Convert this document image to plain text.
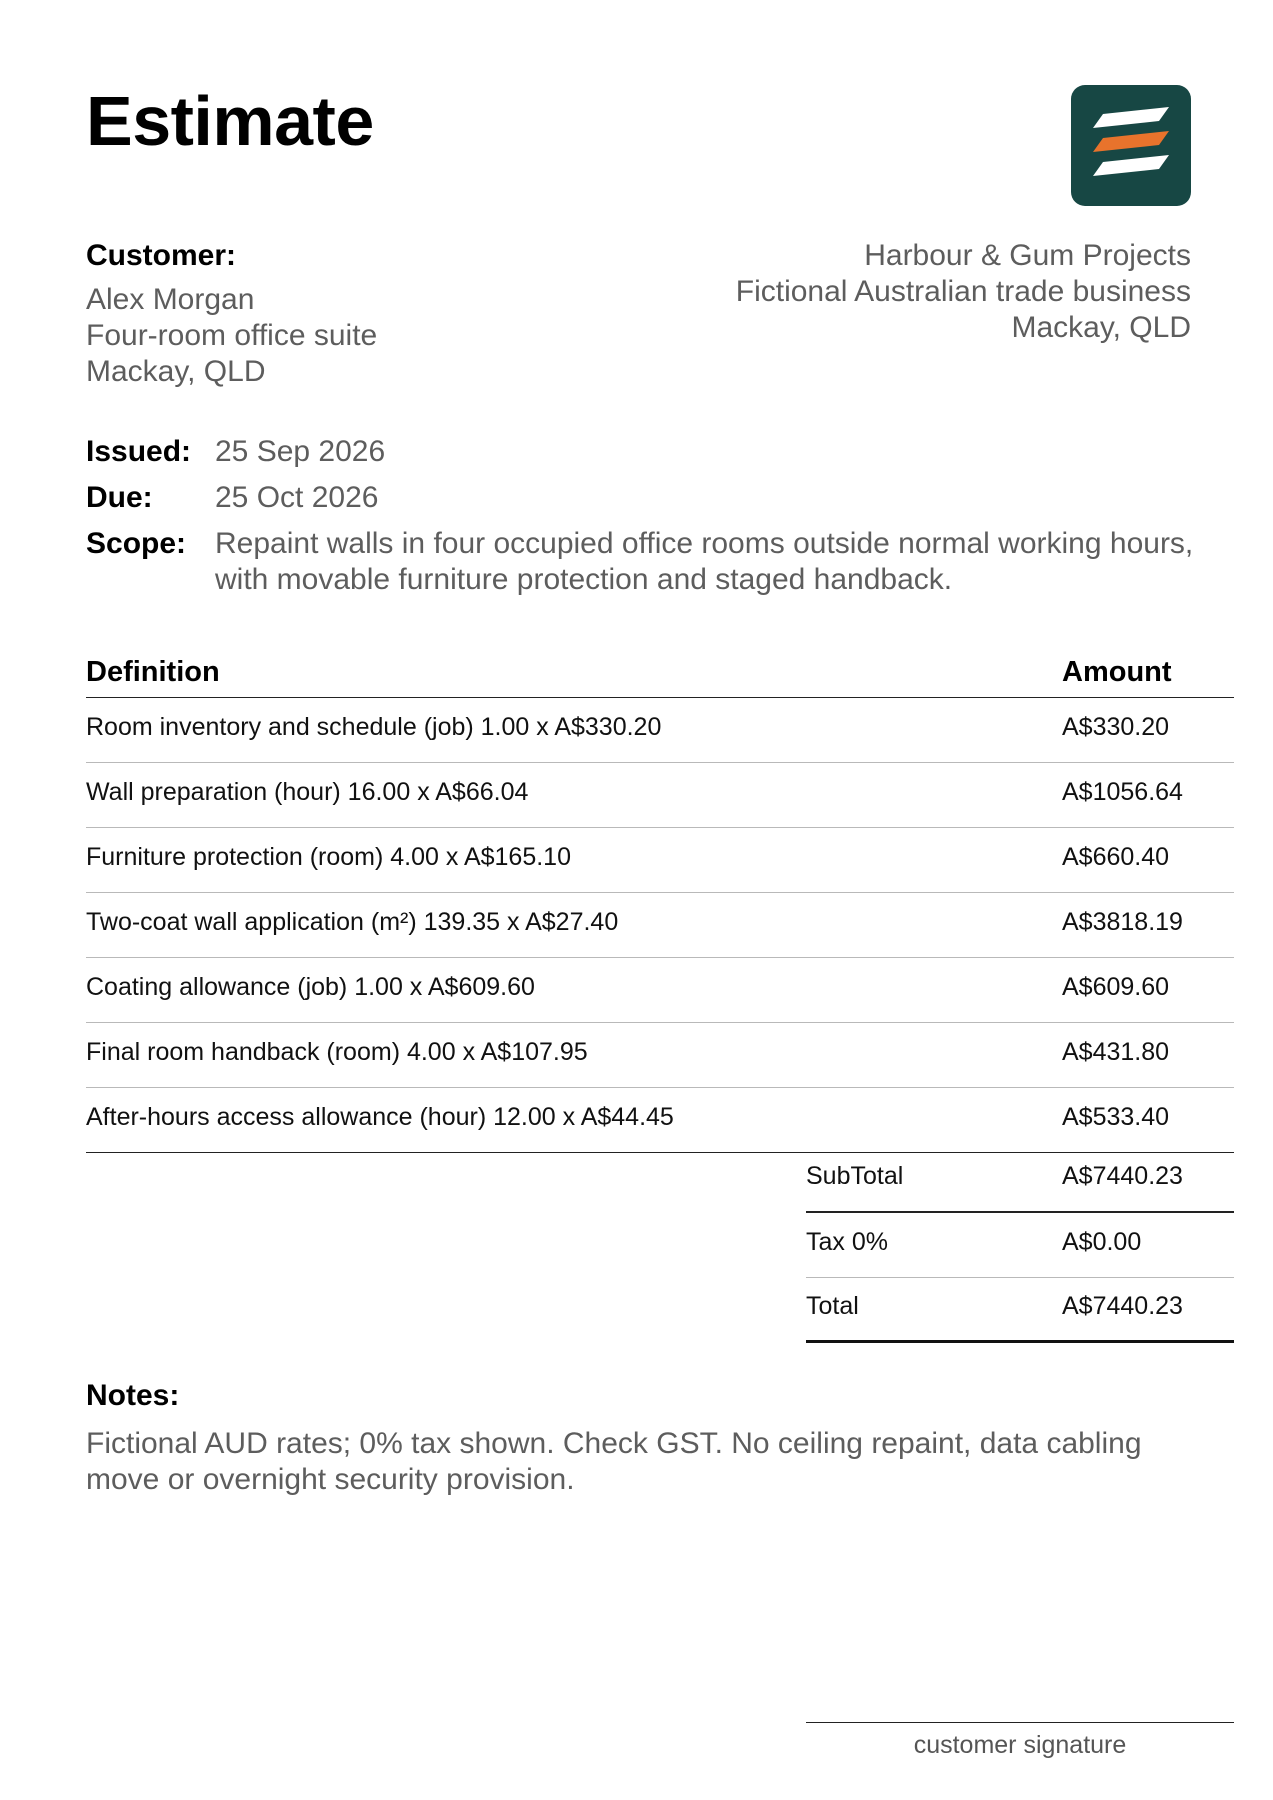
Estimate
Customer:
Alex Morgan
Four-room office suite
Mackay, QLD
Harbour & Gum Projects
Fictional Australian trade business
Mackay, QLD
Issued: 25 Sep 2026
Due:	25 Oct 2026
Scope: Repaint walls in four occupied office rooms outside normal working hours, with movable furniture protection and staged handback.
Definition	Amount
Room inventory and schedule (job) 1.00 x A$330.20	A$330.20
Wall preparation (hour) 16.00 x A$66.04	A$1056.64
Furniture protection (room) 4.00 x A$165.10	A$660.40
Two-coat wall application (m²) 139.35 x A$27.40	A$3818.19
Coating allowance (job) 1.00 x A$609.60	A$609.60
Final room handback (room) 4.00 x A$107.95	A$431.80
After-hours access allowance (hour) 12.00 x A$44.45	A$533.40
SubTotal	A$7440.23
Tax 0%	A$0.00
Total	A$7440.23
Notes:
Fictional AUD rates; 0% tax shown. Check GST. No ceiling repaint, data cabling move or overnight security provision.
customer signature
